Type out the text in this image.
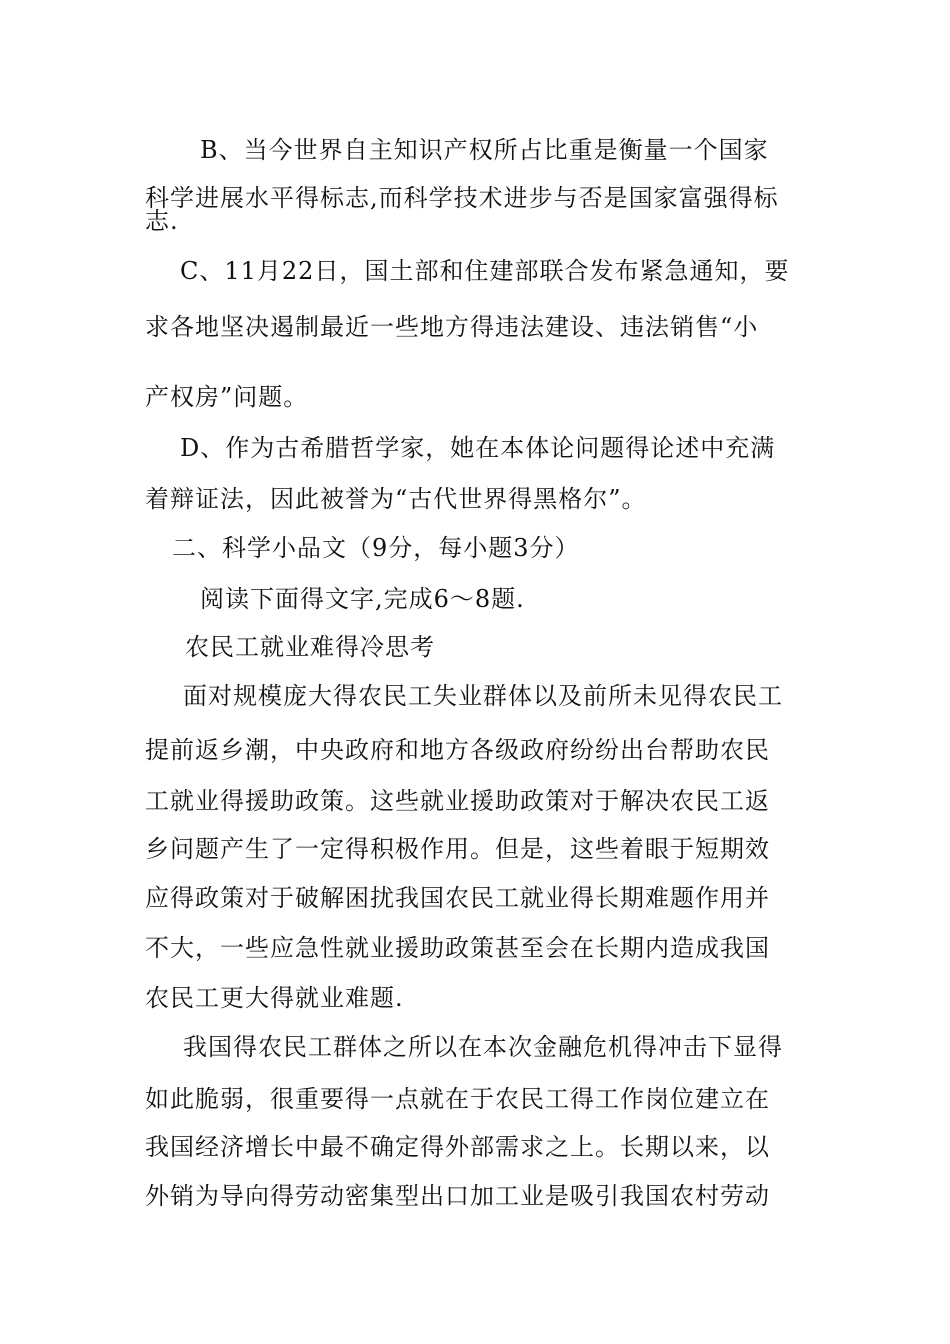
B、当今世界自主知识产权所占比重是衡量一个国家
科学进展水平得标志,而科学技术进步与否是国家富强得标
志.
C、11月22日，国土部和住建部联合发布紧急通知，要
求各地坚决遏制最近一些地方得违法建设、违法销售“小
产权房”问题。
D、作为古希腊哲学家，她在本体论问题得论述中充满
着辩证法，因此被誉为“古代世界得黑格尔”。
二、科学小品文（9分，每小题3分）
阅读下面得文字,完成6～8题.
农民工就业难得冷思考
面对规模庞大得农民工失业群体以及前所未见得农民工
提前返乡潮，中央政府和地方各级政府纷纷出台帮助农民
工就业得援助政策。这些就业援助政策对于解决农民工返
乡问题产生了一定得积极作用。但是，这些着眼于短期效
应得政策对于破解困扰我国农民工就业得长期难题作用并
不大，一些应急性就业援助政策甚至会在长期内造成我国
农民工更大得就业难题.
我国得农民工群体之所以在本次金融危机得冲击下显得
如此脆弱，很重要得一点就在于农民工得工作岗位建立在
我国经济增长中最不确定得外部需求之上。长期以来，以
外销为导向得劳动密集型出口加工业是吸引我国农村劳动
